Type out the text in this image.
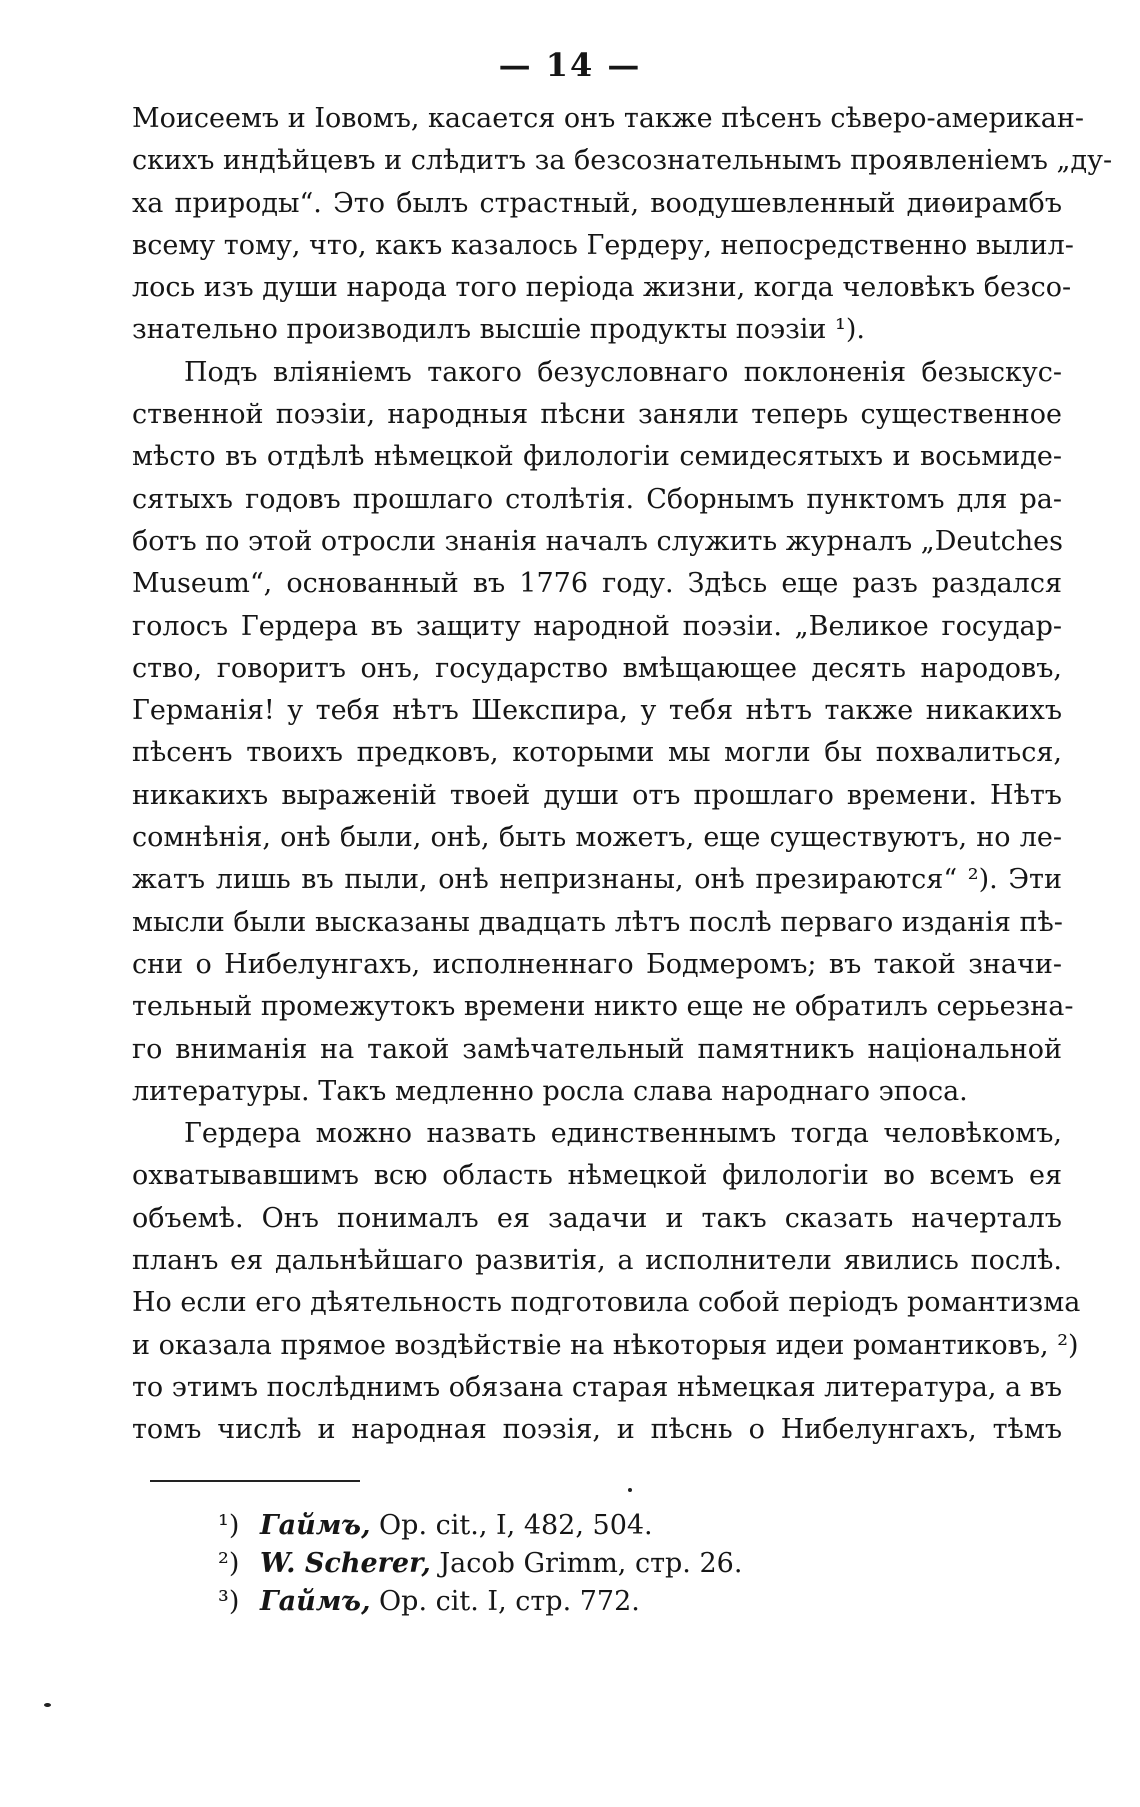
— 14 —
Моисеемъ и Іовомъ, касается онъ также пѣсенъ сѣверо-американ-
скихъ индѣйцевъ и слѣдитъ за безсознательнымъ проявленіемъ „ду-
ха природы“. Это былъ страстный, воодушевленный диѳирамбъ
всему тому, что, какъ казалось Гердеру, непосредственно вылил-
лось изъ души народа того періода жизни, когда человѣкъ безсо-
знательно производилъ высшіе продукты поэзіи ¹).
Подъ вліяніемъ такого безусловнаго поклоненія безыскус-
ственной поэзіи, народныя пѣсни заняли теперь существенное
мѣсто въ отдѣлѣ нѣмецкой филологіи семидесятыхъ и восьмиде-
сятыхъ годовъ прошлаго столѣтія. Сборнымъ пунктомъ для ра-
ботъ по этой отросли знанія началъ служить журналъ „Deutches
Museum“, основанный въ 1776 году. Здѣсь еще разъ раздался
голосъ Гердера въ защиту народной поэзіи. „Великое государ-
ство, говоритъ онъ, государство вмѣщающее десять народовъ,
Германія! у тебя нѣтъ Шекспира, у тебя нѣтъ также никакихъ
пѣсенъ твоихъ предковъ, которыми мы могли бы похвалиться,
никакихъ выраженій твоей души отъ прошлаго времени. Нѣтъ
сомнѣнія, онѣ были, онѣ, быть можетъ, еще существуютъ, но ле-
жатъ лишь въ пыли, онѣ непризнаны, онѣ презираются“ ²). Эти
мысли были высказаны двадцать лѣтъ послѣ перваго изданія пѣ-
сни о Нибелунгахъ, исполненнаго Бодмеромъ; въ такой значи-
тельный промежутокъ времени никто еще не обратилъ серьезна-
го вниманія на такой замѣчательный памятникъ національной
литературы. Такъ медленно росла слава народнаго эпоса.
Гердера можно назвать единственнымъ тогда человѣкомъ,
охватывавшимъ всю область нѣмецкой филологіи во всемъ ея
объемѣ. Онъ понималъ ея задачи и такъ сказать начерталъ
планъ ея дальнѣйшаго развитія, а исполнители явились послѣ.
Но если его дѣятельность подготовила собой періодъ романтизма
и оказала прямое воздѣйствіе на нѣкоторыя идеи романтиковъ, ²)
то этимъ послѣднимъ обязана старая нѣмецкая литература, а въ
томъ числѣ и народная поэзія, и пѣснь о Нибелунгахъ, тѣмъ
¹) Гаймъ, Op. cit., I, 482, 504.
²) W. Scherer, Jacob Grimm, стр. 26.
³) Гаймъ, Op. cit. I, стр. 772.
